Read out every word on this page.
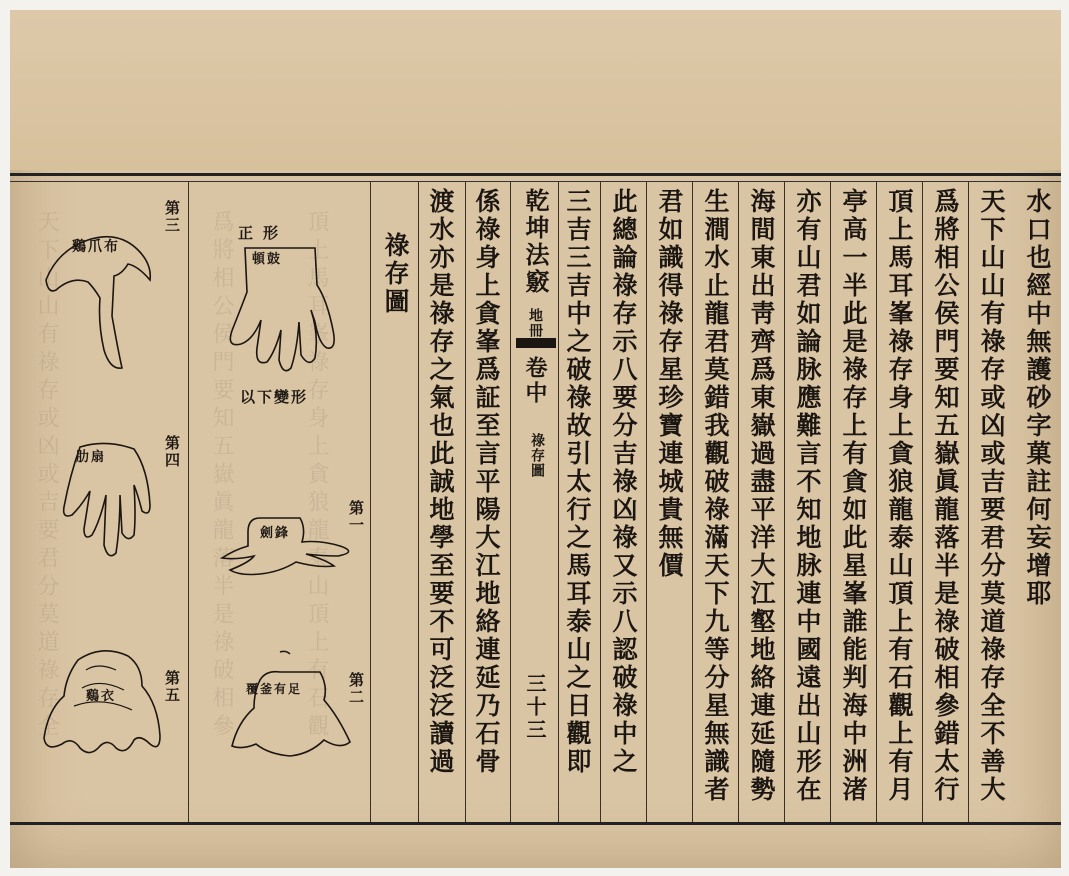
天下山山有祿存或凶或吉要君分莫道祿存全	爲將相公侯門要知五嶽眞龍落半是祿破相參	頂上馬耳峯祿存身上貪狼龍泰山頂上有石觀	水口也經中無護砂字菓註何妄增耶
天下山山有祿存或凶或吉要君分莫道祿存全不善大
爲將相公侯門要知五嶽眞龍落半是祿破相參錯太行
頂上馬耳峯祿存身上貪狼龍泰山頂上有石觀上有月
亭高一半此是祿存上有貪如此星峯誰能判海中洲渚
亦有山君如論脉應難言不知地脉連中國遠出山形在
海間東出靑齊爲東嶽過盡平洋大江壑地絡連延隨勢
生澗水止龍君莫錯我觀破祿滿天下九等分星無識者
君如識得祿存星珍寶連城貴無價
此總論祿存示八要分吉祿凶祿又示八認破祿中之
三吉三吉中之破祿故引太行之馬耳泰山之日觀即
係祿身上貪峯爲証至言平陽大江地絡連延乃石骨
渡水亦是祿存之氣也此誠地學至要不可泛泛讀過	乾坤法竅
地冊
卷中
祿存圖
三十三
祿存圖
正形
第一
第二
以下變形
頓鼓
劍鋒
覆釜有足
第三
第四
第五
鷄爪布
肋扇
鷄衣
